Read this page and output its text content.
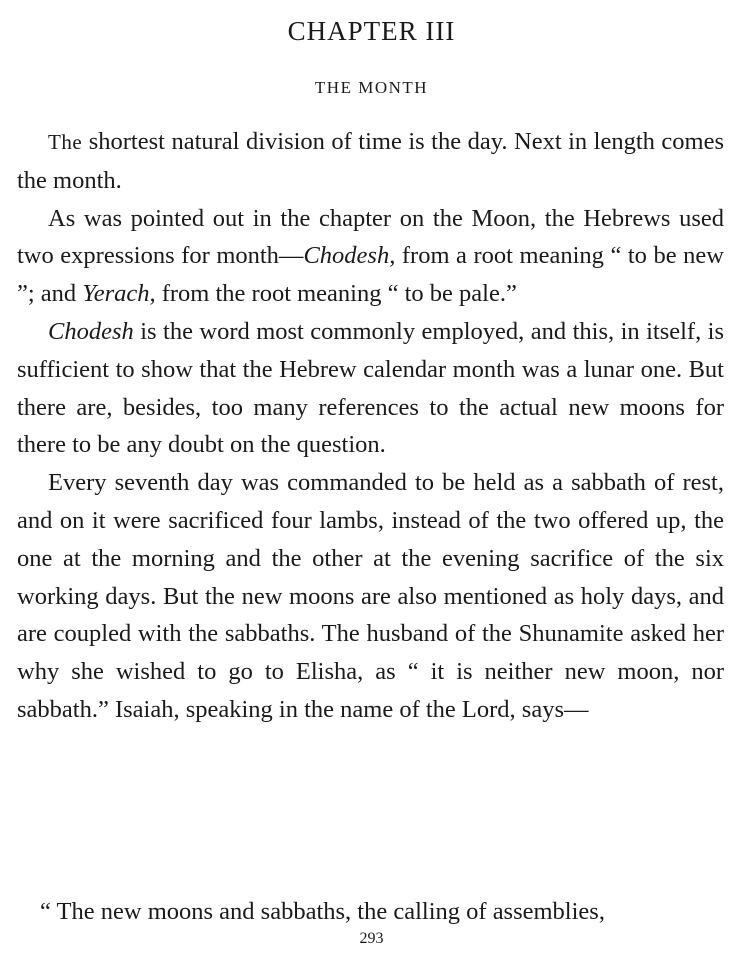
CHAPTER III
THE MONTH

The shortest natural division of time is the day. Next in length comes the month.

As was pointed out in the chapter on the Moon, the Hebrews used two expressions for month—Chodesh, from a root meaning “ to be new ”; and Yerach, from the root meaning “ to be pale.”

Chodesh is the word most commonly employed, and this, in itself, is sufficient to show that the Hebrew calendar month was a lunar one. But there are, besides, too many references to the actual new moons for there to be any doubt on the question.

Every seventh day was commanded to be held as a sabbath of rest, and on it were sacrificed four lambs, instead of the two offered up, the one at the morning and the other at the evening sacrifice of the six working days. But the new moons are also mentioned as holy days, and are coupled with the sabbaths. The husband of the Shunamite asked her why she wished to go to Elisha, as “ it is neither new moon, nor sabbath.” Isaiah, speaking in the name of the Lord, says—

“ The new moons and sabbaths, the calling of assemblies,
293
